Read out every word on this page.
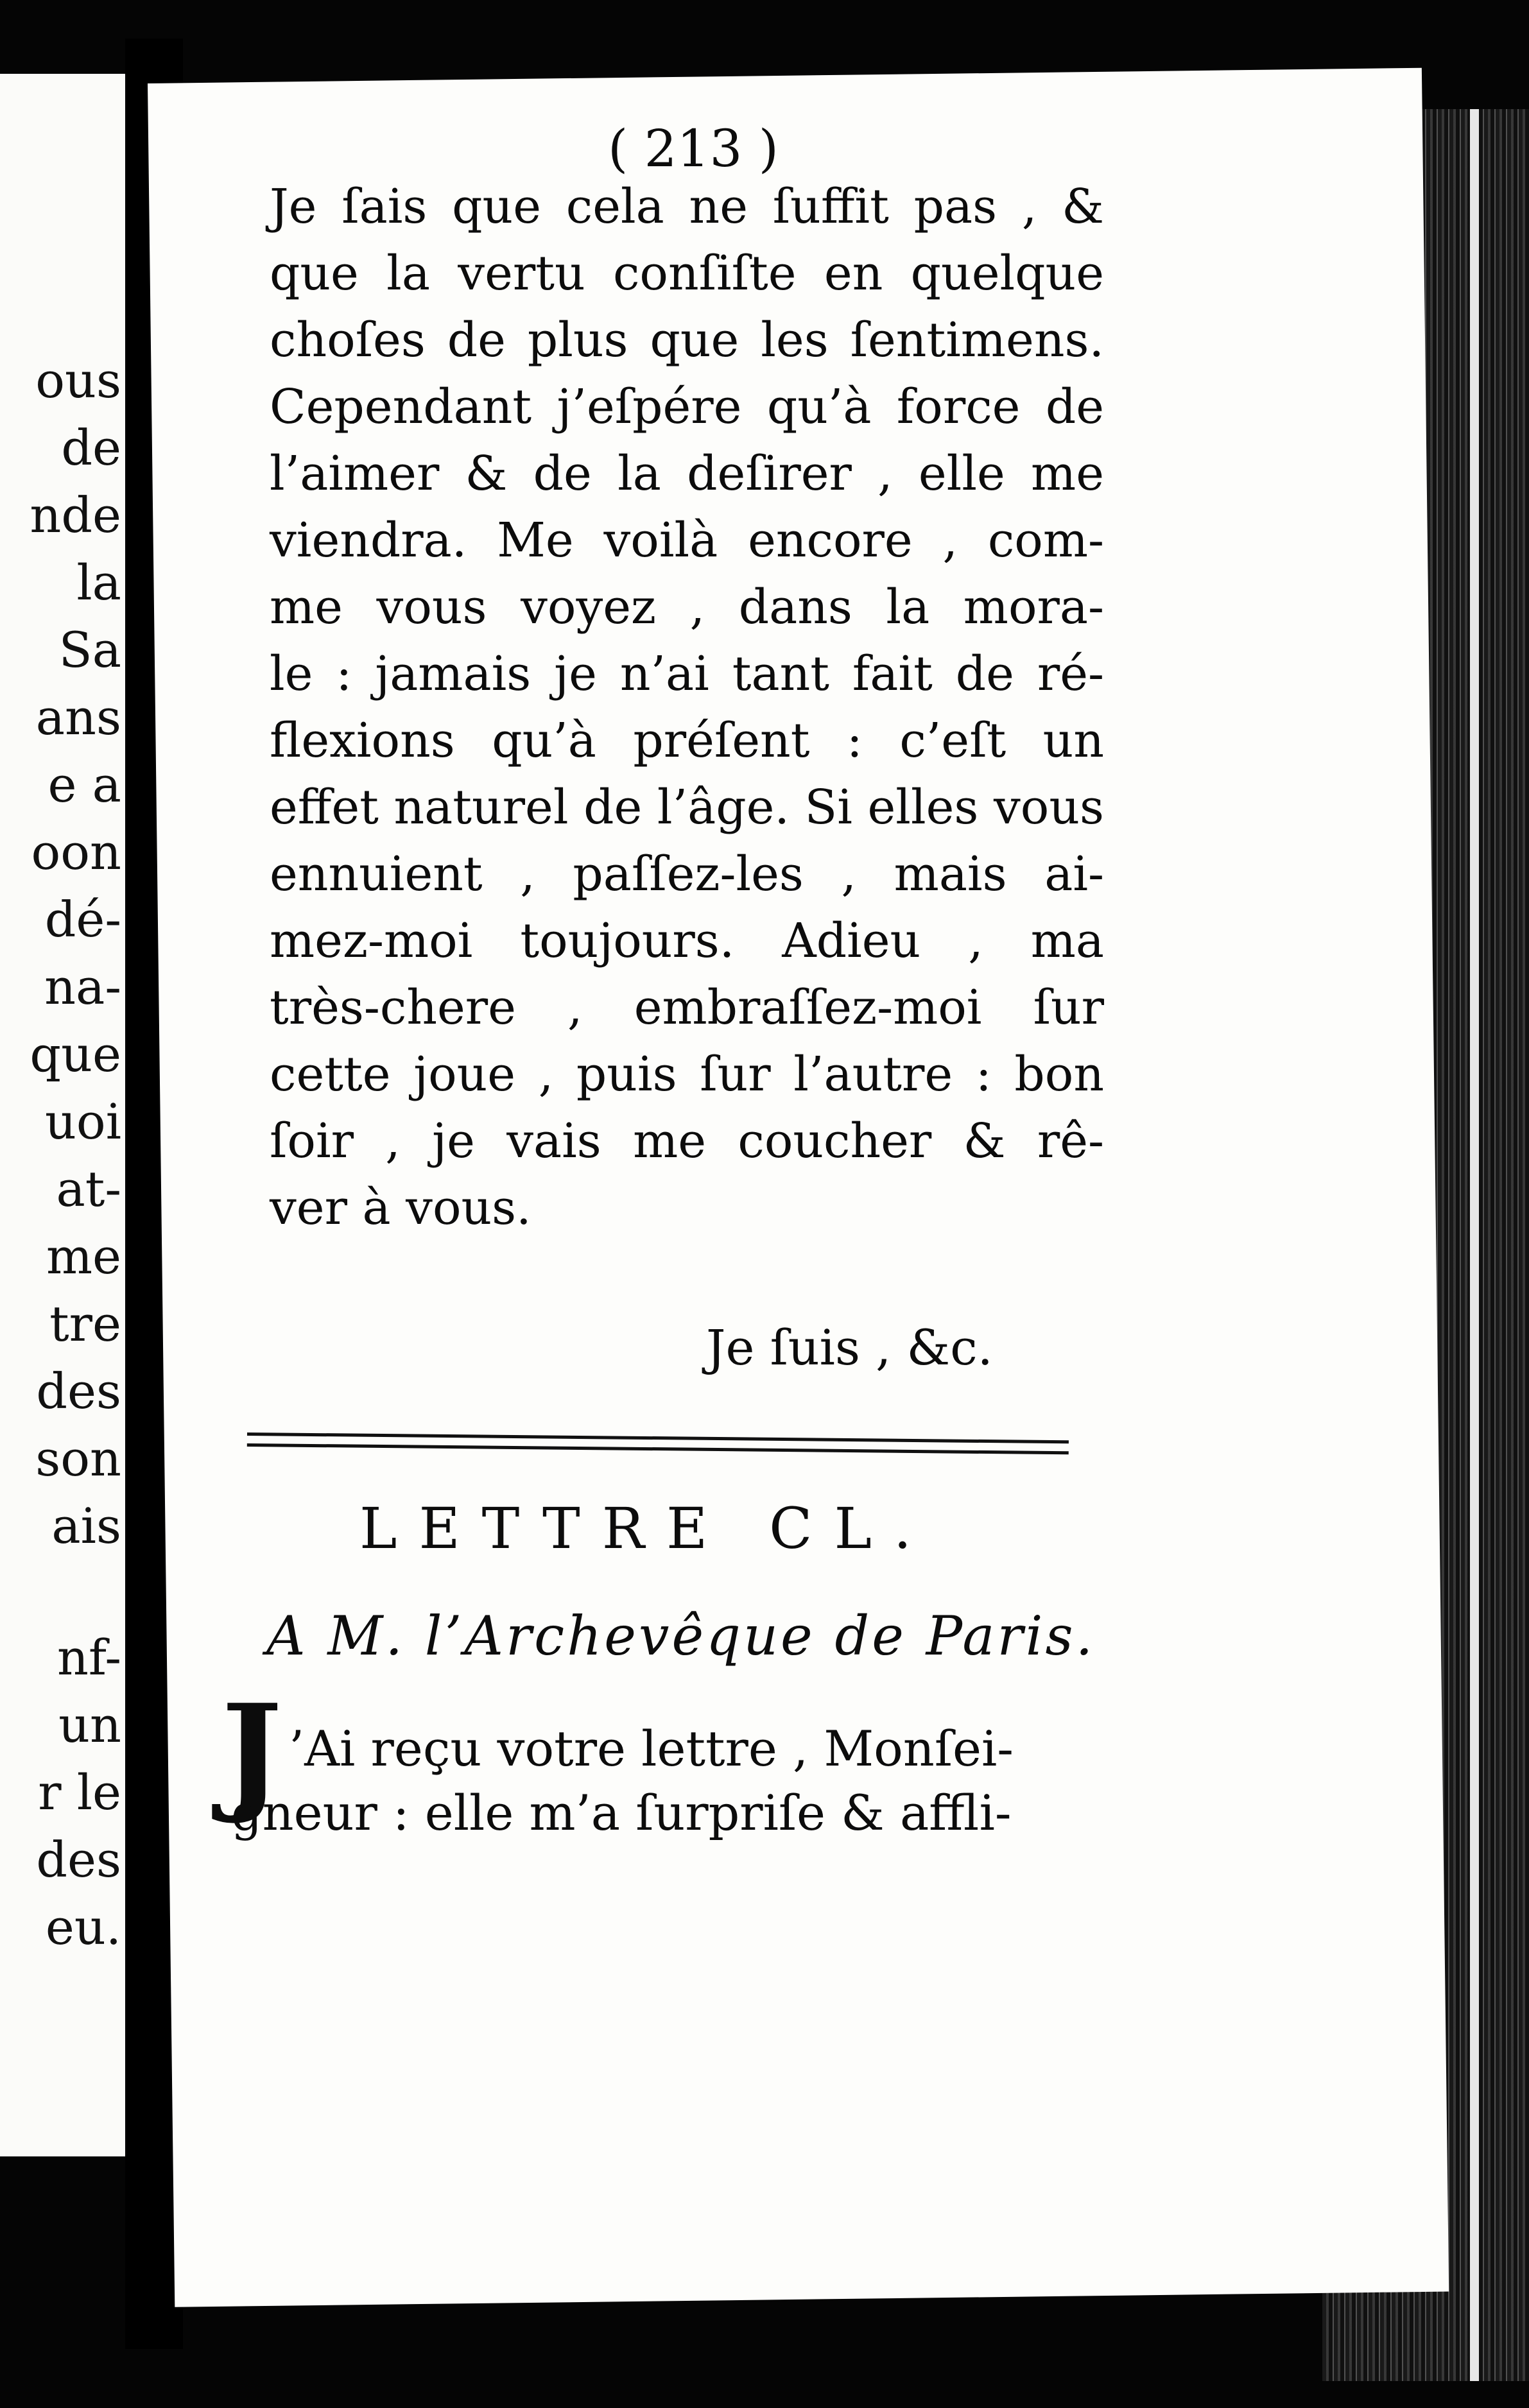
ous
de
nde
la
Sa
ans
e a
oon
dé-
na-
que
uoi
at-
me
tre
des
son
ais
nf-
un
r le
des
eu.
( 213 )
Je ſais que cela ne ſuffit pas , &
que la vertu conſiſte en quelque
choſes de plus que les ſentimens.
Cependant j’eſpére qu’à force de
l’aimer & de la deſirer , elle me
viendra. Me voilà encore , com-
me vous voyez , dans la mora-
le : jamais je n’ai tant fait de ré-
flexions qu’à préſent : c’eſt un
effet naturel de l’âge. Si elles vous
ennuient , paſſez-les , mais ai-
mez-moi toujours. Adieu , ma
très-chere , embraſſez-moi ſur
cette joue , puis ſur l’autre : bon
ſoir , je vais me coucher & rê-
ver à vous.
Je ſuis , &c.
LETTRE CL.
A M. l’Archevêque de Paris.
J ’Ai reçu votre lettre , Monſei-
gneur : elle m’a ſurpriſe & affli-
